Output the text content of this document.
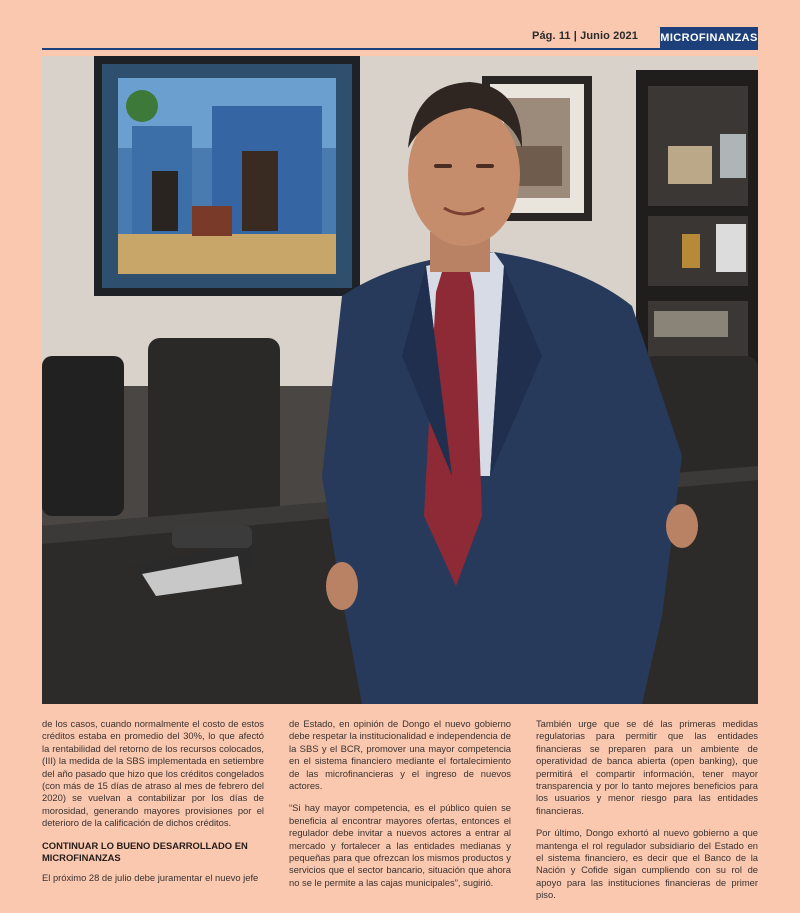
Pág. 11 | Junio 2021 MICROFINANZAS

de los casos, cuando normalmente el costo de estos créditos estaba en promedio del 30%, lo que afectó la rentabilidad del retorno de los recursos colocados, (III) la medida de la SBS implementada en setiembre del año pasado que hizo que los créditos congelados (con más de 15 días de atraso al mes de febrero del 2020) se vuelvan a contabilizar por los días de morosidad, generando mayores provisiones por el deterioro de la calificación de dichos créditos.

CONTINUAR LO BUENO DESARROLLADO EN MICROFINANZAS

El próximo 28 de julio debe juramentar el nuevo jefe

de Estado, en opinión de Dongo el nuevo gobierno debe respetar la institucionalidad e independencia de la SBS y el BCR, promover una mayor competencia en el sistema financiero mediante el fortalecimiento de las microfinancieras y el ingreso de nuevos actores.

“Si hay mayor competencia, es el público quien se beneficia al encontrar mayores ofertas, entonces el regulador debe invitar a nuevos actores a entrar al mercado y fortalecer a las entidades medianas y pequeñas para que ofrezcan los mismos productos y servicios que el sector bancario, situación que ahora no se le permite a las cajas municipales”, sugirió.

También urge que se dé las primeras medidas regulatorias para permitir que las entidades financieras se preparen para un ambiente de operatividad de banca abierta (open banking), que permitirá el compartir información, tener mayor transparencia y por lo tanto mejores beneficios para los usuarios y menor riesgo para las entidades financieras.

Por último, Dongo exhortó al nuevo gobierno a que mantenga el rol regulador subsidiario del Estado en el sistema financiero, es decir que el Banco de la Nación y Cofide sigan cumpliendo con su rol de apoyo para las instituciones financieras de primer piso.
